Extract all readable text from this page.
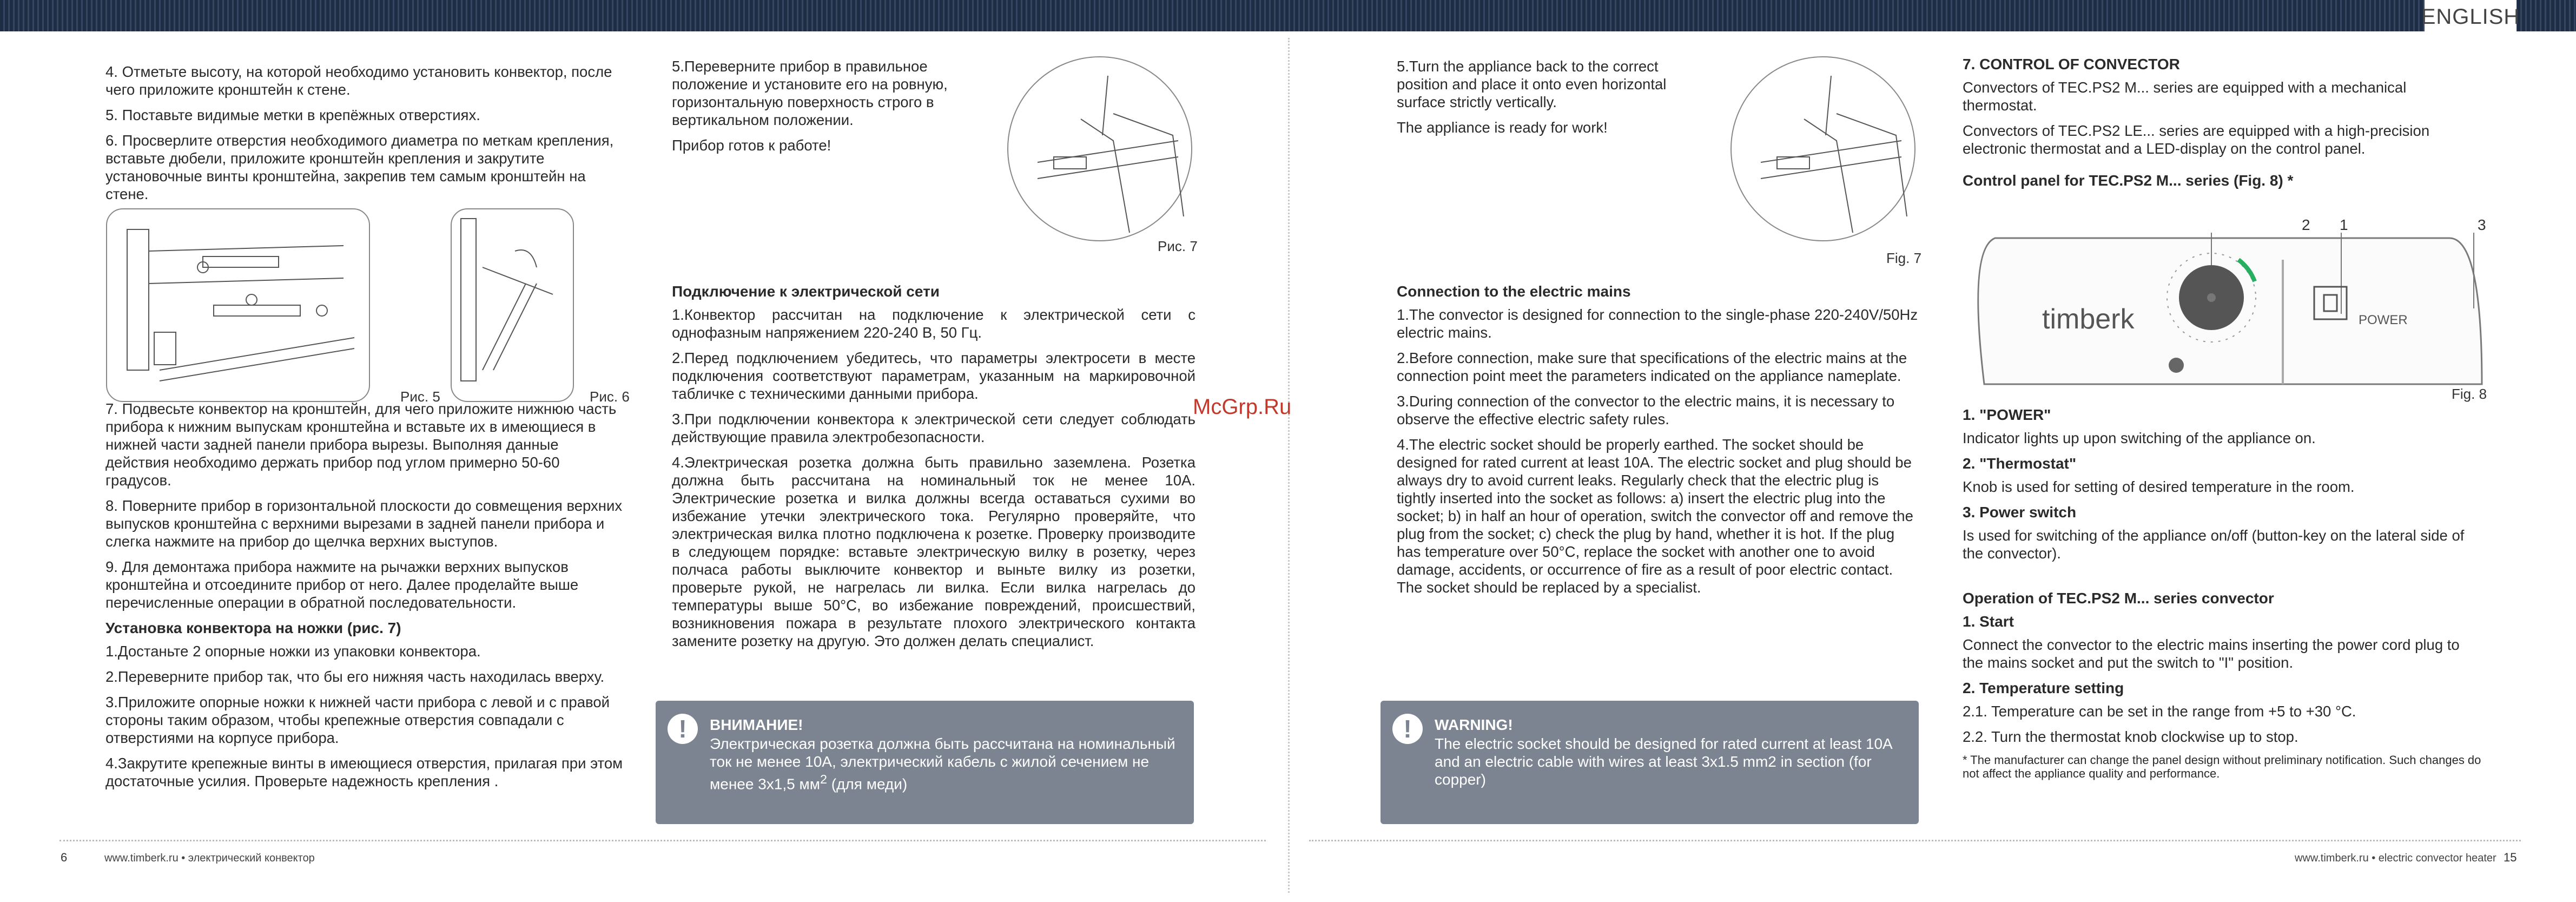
ENGLISH

4. Отметьте высоту, на которой необходимо установить конвектор, после чего приложите кронштейн к стене.

5. Поставьте видимые метки в крепёжных отверстиях.

6. Просверлите отверстия необходимого диаметра по меткам крепления, вставьте дюбели, приложите кронштейн крепления и закрутите установочные винты кронштейна, закрепив тем самым кронштейн на стене.

7. Подвесьте конвектор на кронштейн, для чего приложите нижнюю часть прибора к нижним выпускам кронштейна и вставьте их в имеющиеся в нижней части задней панели прибора вырезы. Выполняя данные действия необходимо держать прибор под углом примерно 50-60 градусов.

8. Поверните прибор в горизонтальной плоскости до совмещения верхних выпусков кронштейна с верхними вырезами в задней панели прибора и слегка нажмите на прибор до щелчка верхних выступов.

9. Для демонтажа прибора нажмите на рычажки верхних выпусков кронштейна и отсоедините прибор от него. Далее проделайте выше перечисленные операции в обратной последовательности.

Установка конвектора на ножки (рис. 7)

1.Достаньте 2 опорные ножки из упаковки конвектора.

2.Переверните прибор так, что бы его нижняя часть находилась вверху.

3.Приложите опорные ножки к нижней части прибора с левой и с правой стороны таким образом, чтобы крепежные отверстия совпадали с отверстиями на корпусе прибора.

4.Закрутите крепежные винты в имеющиеся отверстия, прилагая при этом достаточные усилия. Проверьте надежность крепления .

Рис. 5	Рис. 6

5.Переверните прибор в правильное положение и установите его на ровную, горизонтальную поверхность строго в вертикальном положении.

Прибор готов к работе!

Рис. 7
Подключение к электрической сети

1.Конвектор рассчитан на подключение к электрической сети с однофазным напряжением 220-240 В, 50 Гц.

2.Перед подключением убедитесь, что параметры электросети в месте подключения соответствуют параметрам, указанным на маркировочной табличке с техническими данными прибора.

3.При подключении конвектора к электрической сети следует соблюдать действующие правила электробезопасности.

4.Электрическая розетка должна быть правильно заземлена. Розетка должна быть рассчитана на номинальный ток не менее 10А. Электрические розетка и вилка должны всегда оставаться сухими во избежание утечки электрического тока. Регулярно проверяйте, что электрическая вилка плотно подключена к розетке. Проверку производите в следующем порядке: вставьте электрическую вилку в розетку, через полчаса работы выключите конвектор и выньте вилку из розетки, проверьте рукой, не нагрелась ли вилка. Если вилка нагрелась до температуры выше 50°С, во избежание повреждений, происшествий, возникновения пожара в результате плохого электрического контакта замените розетку на другую. Это должен делать специалист.

!	ВНИМАНИЕ!
Электрическая розетка должна быть рассчитана на номинальный ток не менее 10А, электрический кабель с жилой сечением не менее 3х1,5 $мм^2$ (для меди)

5.Turn the appliance back to the correct position and place it onto even horizontal surface strictly vertically.

The appliance is ready for work!

Fig. 7
Connection to the electric mains

1.The convector is designed for connection to the single-phase 220-240V/50Hz electric mains.

2.Before connection, make sure that specifications of the electric mains at the connection point meet the parameters indicated on the appliance nameplate.

3.During connection of the convector to the electric mains, it is necessary to observe the effective electric safety rules.

4.The electric socket should be properly earthed. The socket should be designed for rated current at least 10A. The electric socket and plug should be always dry to avoid current leaks. Regularly check that the electric plug is tightly inserted into the socket as follows: a) insert the electric plug into the socket; b) in half an hour of operation, switch the convector off and remove the plug from the socket; c) check the plug by hand, whether it is hot. If the plug has temperature over 50°C, replace the socket with another one to avoid damage, accidents, or occurrence of fire as a result of poor electric contact. The socket should be replaced by a specialist.

!	WARNING!
The electric socket should be designed for rated current at least 10A and an electric cable with wires at least 3x1.5 mm2 in section (for copper)
7. CONTROL OF CONVECTOR

Convectors of TEC.PS2 M... series are equipped with a mechanical thermostat.

Convectors of TEC.PS2 LE... series are equipped with a high-precision electronic thermostat and a LED-display on the control panel.

Control panel for TEC.PS2 M... series (Fig. 8) *
2 1	3
timberk	POWER
Fig. 8
1. "POWER"

Indicator lights up upon switching of the appliance on.

2. "Thermostat"

Knob is used for setting of desired temperature in the room.

3. Power switch

Is used for switching of the appliance on/off (button-key on the lateral side of the convector).

Operation of TEC.PS2 M... series convector
1. Start

Connect the convector to the electric mains inserting the power cord plug to the mains socket and put the switch to "I" position.

2. Temperature setting

2.1. Temperature can be set in the range from +5 to +30 °C.

2.2. Turn the thermostat knob clockwise up to stop.

* The manufacturer can change the panel design without preliminary notification. Such changes do not affect the appliance quality and performance.
McGrp.Ru
6	www.timberk.ru • электрический конвектор	www.timberk.ru • electric convector heater 15
